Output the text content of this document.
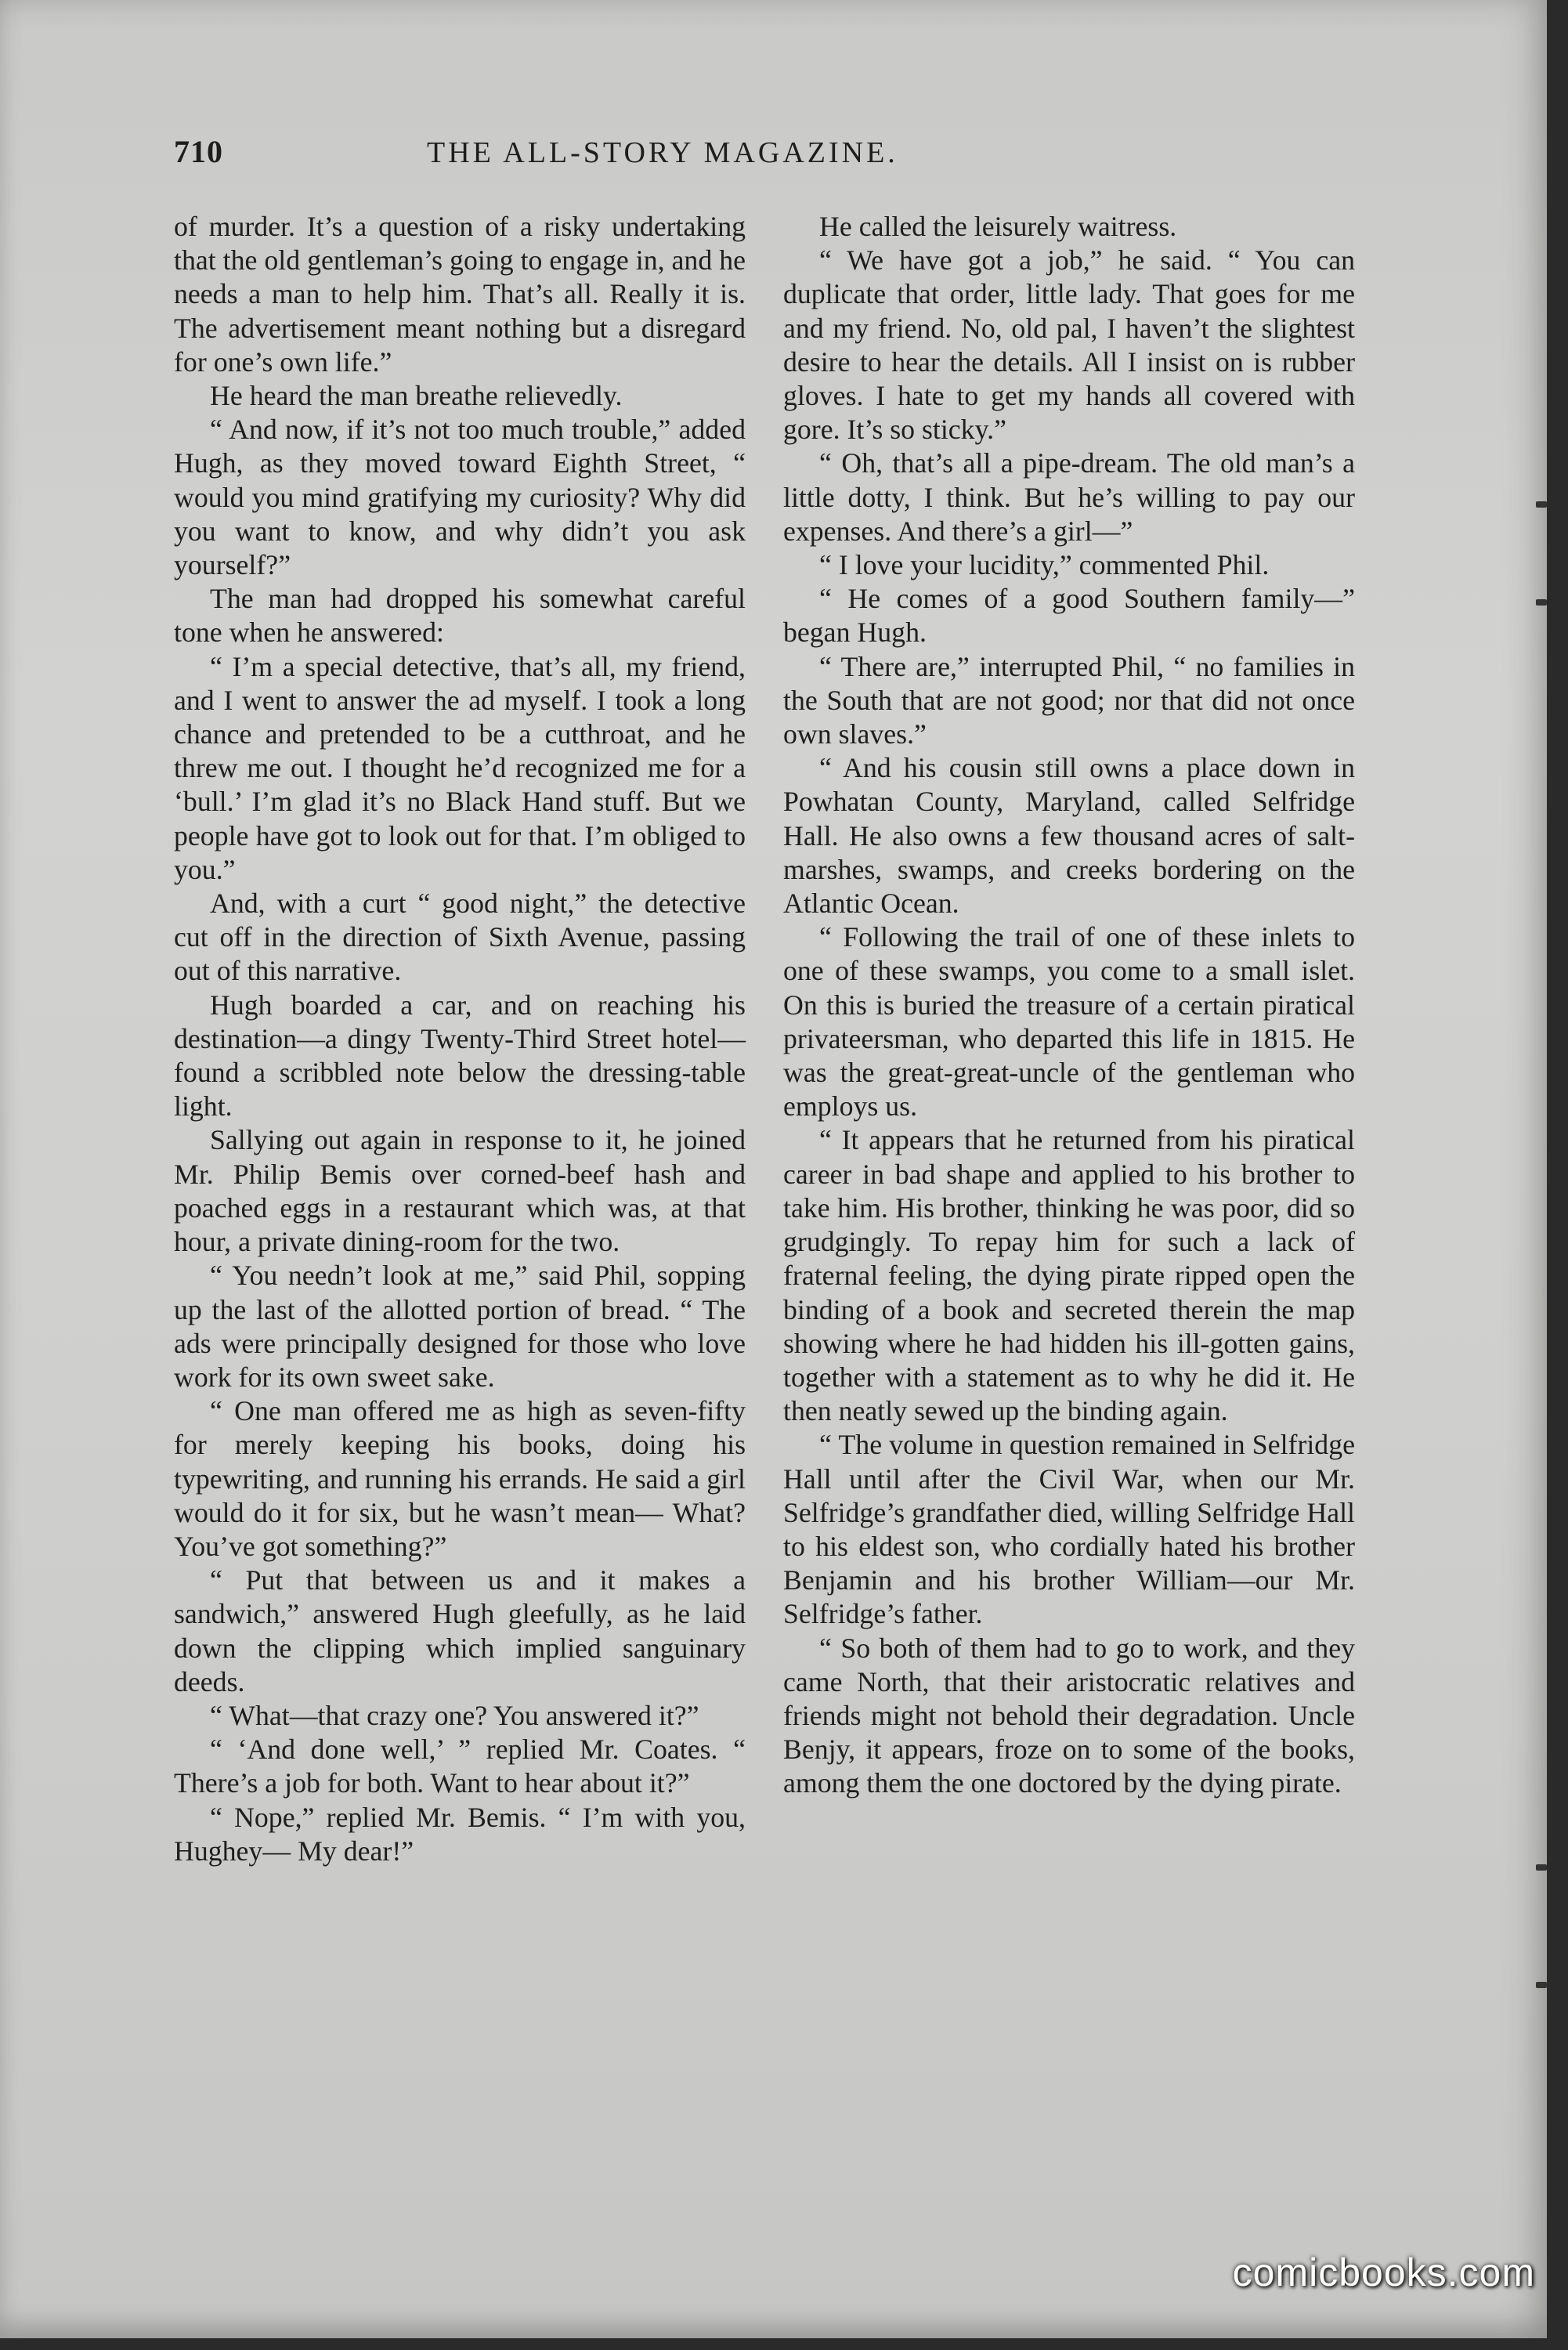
710	THE ALL-STORY MAGAZINE.

of murder. It’s a question of a risky undertaking that the old gentleman’s going to engage in, and he needs a man to help him. That’s all. Really it is. The advertisement meant nothing but a disregard for one’s own life.”

He heard the man breathe relievedly.

“ And now, if it’s not too much trouble,” added Hugh, as they moved toward Eighth Street, “ would you mind gratifying my curiosity? Why did you want to know, and why didn’t you ask yourself?”

The man had dropped his somewhat careful tone when he answered:

“ I’m a special detective, that’s all, my friend, and I went to answer the ad myself. I took a long chance and pretended to be a cutthroat, and he threw me out. I thought he’d recognized me for a ‘bull.’ I’m glad it’s no Black Hand stuff. But we people have got to look out for that. I’m obliged to you.”

And, with a curt “ good night,” the detective cut off in the direction of Sixth Avenue, passing out of this narrative.

Hugh boarded a car, and on reaching his destination—a dingy Twenty-Third Street hotel—found a scribbled note below the dressing-table light.

Sallying out again in response to it, he joined Mr. Philip Bemis over corned-beef hash and poached eggs in a restaurant which was, at that hour, a private dining-room for the two.

“ You needn’t look at me,” said Phil, sopping up the last of the allotted portion of bread. “ The ads were principally designed for those who love work for its own sweet sake.

“ One man offered me as high as seven-fifty for merely keeping his books, doing his typewriting, and running his errands. He said a girl would do it for six, but he wasn’t mean— What? You’ve got something?”

“ Put that between us and it makes a sandwich,” answered Hugh gleefully, as he laid down the clipping which implied sanguinary deeds.

“ What—that crazy one? You answered it?”

“ ‘And done well,’ ” replied Mr. Coates. “ There’s a job for both. Want to hear about it?”

“ Nope,” replied Mr. Bemis. “ I’m with you, Hughey— My dear!”

He called the leisurely waitress.

“ We have got a job,” he said. “ You can duplicate that order, little lady. That goes for me and my friend. No, old pal, I haven’t the slightest desire to hear the details. All I insist on is rubber gloves. I hate to get my hands all covered with gore. It’s so sticky.”

“ Oh, that’s all a pipe-dream. The old man’s a little dotty, I think. But he’s willing to pay our expenses. And there’s a girl—”

“ I love your lucidity,” commented Phil.

“ He comes of a good Southern family—” began Hugh.

“ There are,” interrupted Phil, “ no families in the South that are not good; nor that did not once own slaves.”

“ And his cousin still owns a place down in Powhatan County, Maryland, called Selfridge Hall. He also owns a few thousand acres of salt-marshes, swamps, and creeks bordering on the Atlantic Ocean.

“ Following the trail of one of these inlets to one of these swamps, you come to a small islet. On this is buried the treasure of a certain piratical privateersman, who departed this life in 1815. He was the great-great-uncle of the gentleman who employs us.

“ It appears that he returned from his piratical career in bad shape and applied to his brother to take him. His brother, thinking he was poor, did so grudgingly. To repay him for such a lack of fraternal feeling, the dying pirate ripped open the binding of a book and secreted therein the map showing where he had hidden his ill-gotten gains, together with a statement as to why he did it. He then neatly sewed up the binding again.

“ The volume in question remained in Selfridge Hall until after the Civil War, when our Mr. Selfridge’s grandfather died, willing Selfridge Hall to his eldest son, who cordially hated his brother Benjamin and his brother William—our Mr. Selfridge’s father.

“ So both of them had to go to work, and they came North, that their aristocratic relatives and friends might not behold their degradation. Uncle Benjy, it appears, froze on to some of the books, among them the one doctored by the dying pirate.

comicbooks.com
